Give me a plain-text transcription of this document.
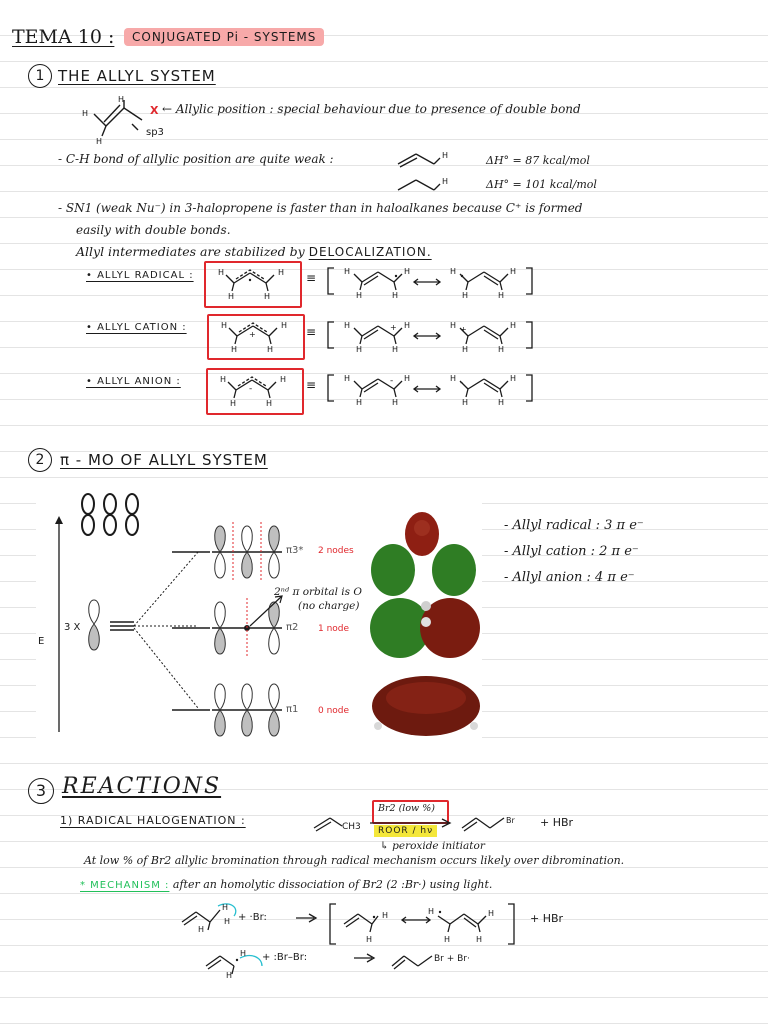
TEMA 10 :	CONJUGATED Pi - SYSTEMS
1 THE ALLYL SYSTEM
H
H
H
X
sp3
← Allylic position : special behaviour due to presence of double bond
- C-H bond of allylic position are quite weak :	H
H
ΔH° = 87 kcal/mol
ΔH° = 101 kcal/mol
- SN1 (weak Nu⁻) in 3-halopropene is faster than in haloalkanes because C⁺ is formed
easily with double bonds.
Allyl intermediates are stabilized by DELOCALIZATION.
• ALLYL RADICAL :
• ALLYL CATION :
• ALLYL ANION :
H	H
H	H
+
H	H
H	H
-
H	H
H	H
≡	H	H
H	H
H	H
H	H
≡	+	+
H	H
H	H
H	H
H	H
≡	-	-
H	H
H	H
H	H
H	H
2	π - MO OF ALLYL SYSTEM
E
3 X
π3* 2 nodes
2ⁿᵈ π orbital is O
(no charge)
π2 1 node
π1 0 node
- Allyl radical : 3 π e⁻
- Allyl cation : 2 π e⁻
- Allyl anion : 4 π e⁻
3 REACTIONS
1) RADICAL HALOGENATION :	CH3
Br2 (low %)
ROOR / hν
↳ peroxide initiator
Br + HBr
At low % of Br2 allylic bromination through radical mechanism occurs likely over dibromination.
* MECHANISM : after an homolytic dissociation of Br2 (2 :Br·) using light.
H
H
H
+ ·Br:	H
H
H	H
H	H
+ HBr
H
H
+ :Br–Br:	Br + Br·
